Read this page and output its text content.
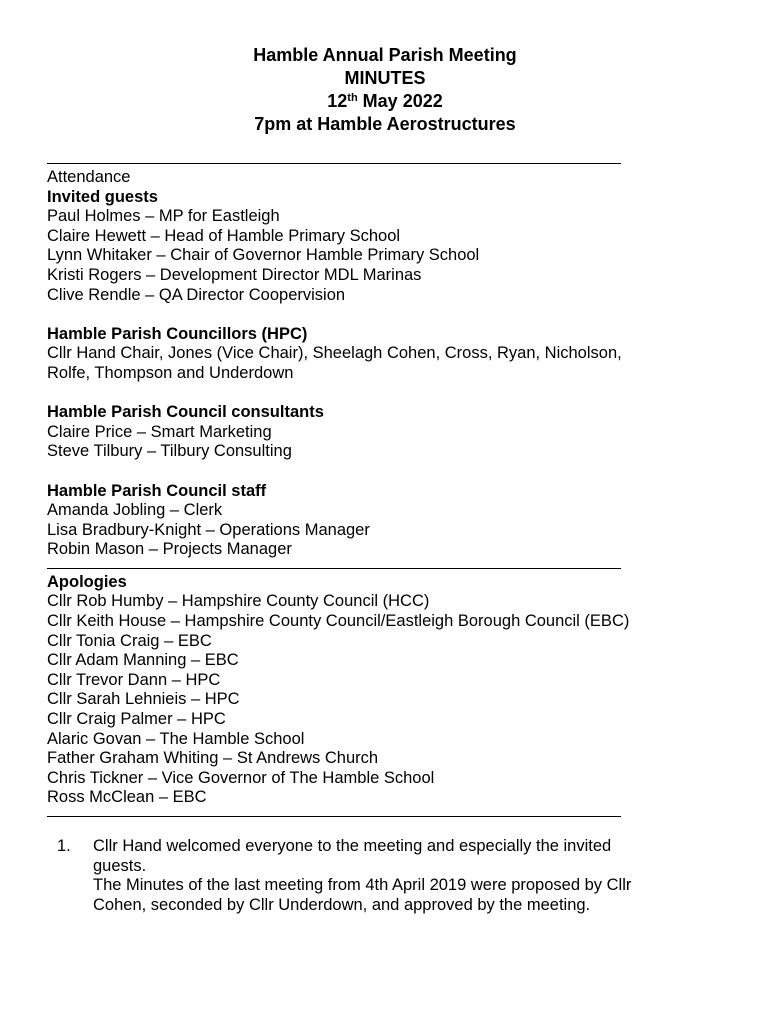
Hamble Annual Parish Meeting
MINUTES
12th May 2022
7pm at Hamble Aerostructures
Attendance
Invited guests
Paul Holmes – MP for Eastleigh
Claire Hewett – Head of Hamble Primary School
Lynn Whitaker – Chair of Governor Hamble Primary School
Kristi Rogers – Development Director MDL Marinas
Clive Rendle – QA Director Coopervision
Hamble Parish Councillors (HPC)
Cllr Hand Chair, Jones (Vice Chair), Sheelagh Cohen, Cross, Ryan, Nicholson,
Rolfe, Thompson and Underdown
Hamble Parish Council consultants
Claire Price – Smart Marketing
Steve Tilbury – Tilbury Consulting
Hamble Parish Council staff
Amanda Jobling – Clerk
Lisa Bradbury-Knight – Operations Manager
Robin Mason – Projects Manager
Apologies
Cllr Rob Humby – Hampshire County Council (HCC)
Cllr Keith House – Hampshire County Council/Eastleigh Borough Council (EBC)
Cllr Tonia Craig – EBC
Cllr Adam Manning – EBC
Cllr Trevor Dann – HPC
Cllr Sarah Lehnieis – HPC
Cllr Craig Palmer – HPC
Alaric Govan – The Hamble School
Father Graham Whiting – St Andrews Church
Chris Tickner – Vice Governor of The Hamble School
Ross McClean – EBC
1.	Cllr Hand welcomed everyone to the meeting and especially the invited
guests.
The Minutes of the last meeting from 4th April 2019 were proposed by Cllr
Cohen, seconded by Cllr Underdown, and approved by the meeting.
